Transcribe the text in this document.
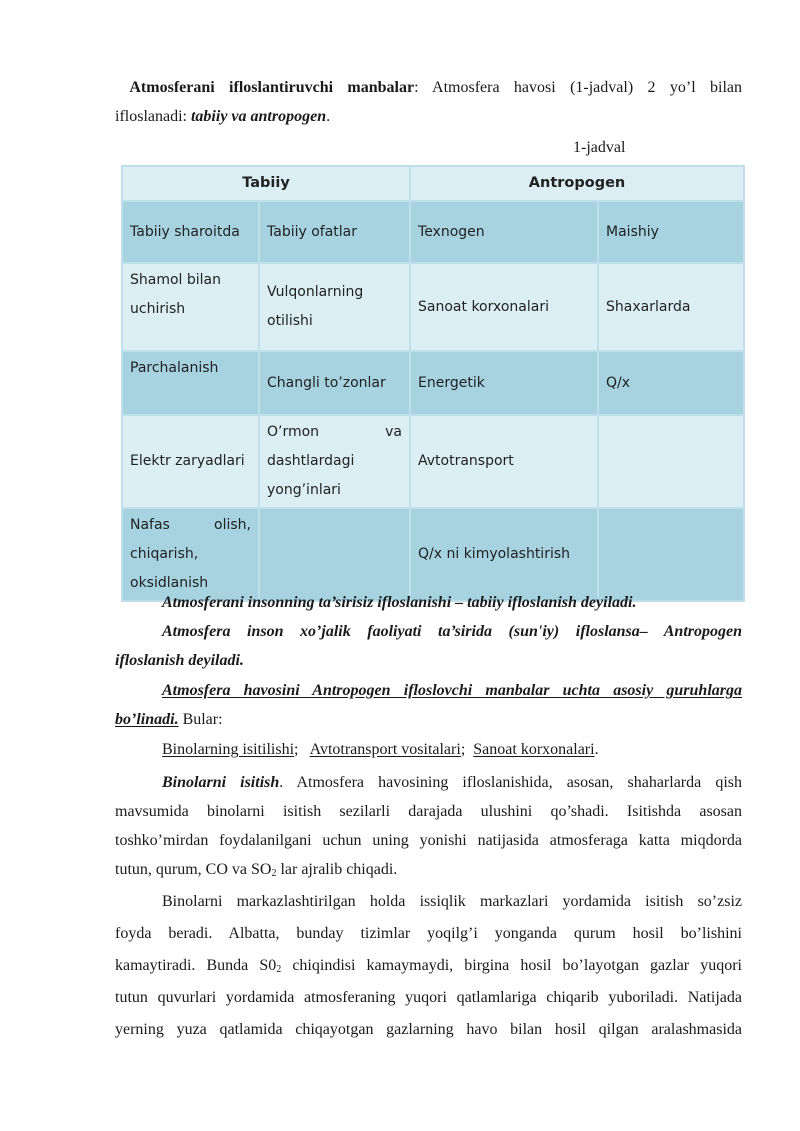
Atmosferani ifloslantiruvchi manbalar: Atmosfera havosi (1-jadval) 2 yo’l bilan

ifloslanadi: tabiiy va antropogen.

1-jadval
Tabiiy		Antropogen	
Tabiiy sharoitda	Tabiiy ofatlar	Texnogen	Maishiy
Shamol bilan uchirish	Vulqonlarning otilishi	Sanoat korxonalari	Shaxarlarda
Parchalanish	Changli to’zonlar	Energetik	Q/x
Elektr zaryadlari	O’rmon va dashtlardagi yong’inlari	Avtotransport	
Nafas olish, chiqarish, oksidlanish		Q/x ni kimyolashtirish	

Atmosferani insonning ta’sirisiz ifloslanishi – tabiiy ifloslanish deyiladi.

Atmosfera inson xo’jalik faoliyati ta’sirida (sun'iy) ifloslansa– Antropogen

ifloslanish deyiladi.

Atmosfera havosini Antropogen ifloslovchi manbalar uchta asosiy guruhlarga

bo’linadi. Bular:

Binolarning isitilishi;   Avtotransport vositalari;  Sanoat korxonalari.

Binolarni isitish. Atmosfera havosining ifloslanishida, asosan, shaharlarda qish

mavsumida binolarni isitish sezilarli darajada ulushini qo’shadi. Isitishda asosan

toshko’mirdan foydalanilgani uchun uning yonishi natijasida atmosferaga katta miqdorda

tutun, qurum, CO va $SO_2$ lar ajralib chiqadi.

Binolarni markazlashtirilgan holda issiqlik markazlari yordamida isitish so’zsiz

foyda beradi. Albatta, bunday tizimlar yoqilg’i yonganda qurum hosil bo’lishini

kamaytiradi. Bunda $S0_2$ chiqindisi kamaymaydi, birgina hosil bo’layotgan gazlar yuqori

tutun quvurlari yordamida atmosferaning yuqori qatlamlariga chiqarib yuboriladi. Natijada

yerning yuza qatlamida chiqayotgan gazlarning havo bilan hosil qilgan aralashmasida
